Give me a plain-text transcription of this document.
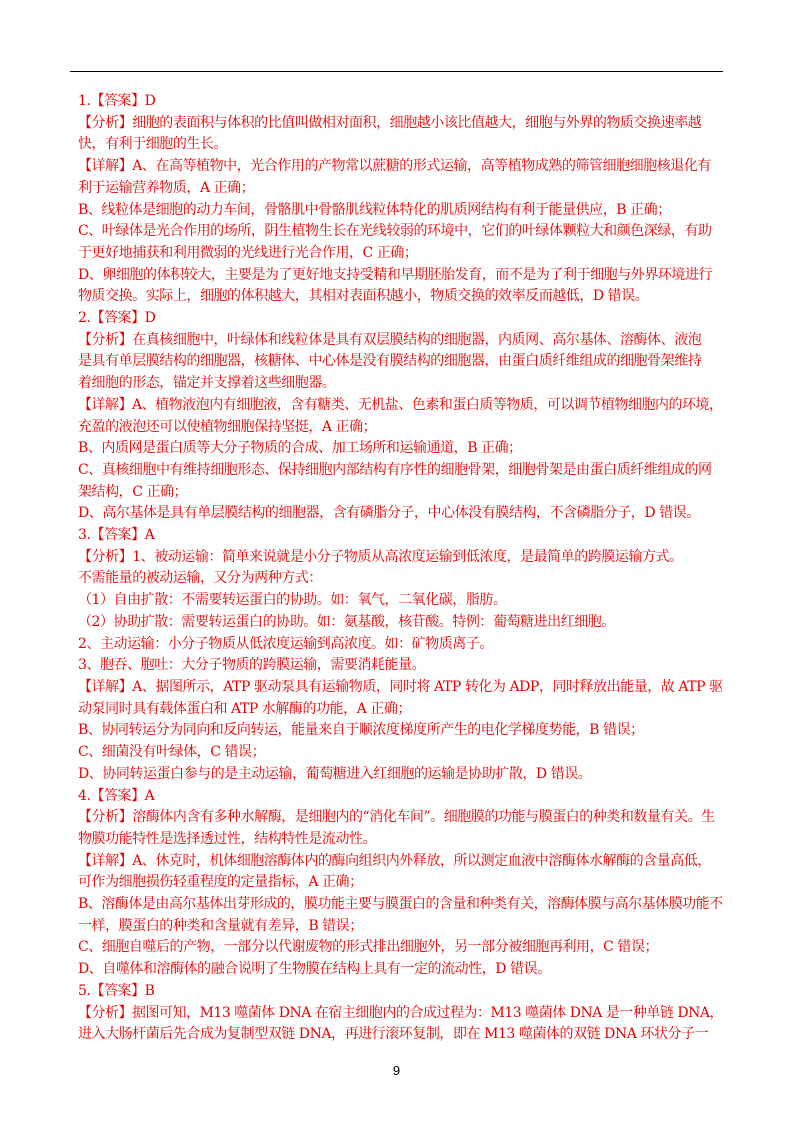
1.【答案】D
【分析】细胞的表面积与体积的比值叫做相对面积，细胞越小该比值越大，细胞与外界的物质交换速率越
快，有利于细胞的生长。
【详解】A、在高等植物中，光合作用的产物常以蔗糖的形式运输，高等植物成熟的筛管细胞细胞核退化有
利于运输营养物质，A 正确；
B、线粒体是细胞的动力车间，骨骼肌中骨骼肌线粒体特化的肌质网结构有利于能量供应，B 正确；
C、叶绿体是光合作用的场所，阴生植物生长在光线较弱的环境中，它们的叶绿体颗粒大和颜色深绿，有助
于更好地捕获和利用微弱的光线进行光合作用，C 正确；
D、卵细胞的体积较大，主要是为了更好地支持受精和早期胚胎发育，而不是为了利于细胞与外界环境进行
物质交换。实际上，细胞的体积越大，其相对表面积越小，物质交换的效率反而越低，D 错误。
2.【答案】D
【分析】在真核细胞中，叶绿体和线粒体是具有双层膜结构的细胞器，内质网、高尔基体、溶酶体、液泡
是具有单层膜结构的细胞器，核糖体、中心体是没有膜结构的细胞器，由蛋白质纤维组成的细胞骨架维持
着细胞的形态，锚定并支撑着这些细胞器。
【详解】A、植物液泡内有细胞液，含有糖类、无机盐、色素和蛋白质等物质，可以调节植物细胞内的环境，
充盈的液泡还可以使植物细胞保持坚挺，A 正确；
B、内质网是蛋白质等大分子物质的合成、加工场所和运输通道，B 正确；
C、真核细胞中有维持细胞形态、保持细胞内部结构有序性的细胞骨架，细胞骨架是由蛋白质纤维组成的网
架结构，C 正确；
D、高尔基体是具有单层膜结构的细胞器，含有磷脂分子，中心体没有膜结构，不含磷脂分子，D 错误。
3.【答案】A
【分析】1、被动运输：简单来说就是小分子物质从高浓度运输到低浓度，是最简单的跨膜运输方式。
不需能量的被动运输，又分为两种方式：
（1）自由扩散：不需要转运蛋白的协助。如：氧气，二氧化碳，脂肪。
（2）协助扩散：需要转运蛋白的协助。如：氨基酸，核苷酸。特例：葡萄糖进出红细胞。
2、主动运输：小分子物质从低浓度运输到高浓度。如：矿物质离子。
3、胞吞、胞吐：大分子物质的跨膜运输，需要消耗能量。
【详解】A、据图所示，ATP 驱动泵具有运输物质，同时将 ATP 转化为 ADP，同时释放出能量，故 ATP 驱
动泵同时具有载体蛋白和 ATP 水解酶的功能，A 正确；
B、协同转运分为同向和反向转运，能量来自于顺浓度梯度所产生的电化学梯度势能，B 错误；
C、细菌没有叶绿体，C 错误；
D、协同转运蛋白参与的是主动运输，葡萄糖进入红细胞的运输是协助扩散，D 错误。
4.【答案】A
【分析】溶酶体内含有多种水解酶，是细胞内的“消化车间”。细胞膜的功能与膜蛋白的种类和数量有关。生
物膜功能特性是选择透过性，结构特性是流动性。
【详解】A、休克时，机体细胞溶酶体内的酶向组织内外释放，所以测定血液中溶酶体水解酶的含量高低，
可作为细胞损伤轻重程度的定量指标，A 正确；
B、溶酶体是由高尔基体出芽形成的，膜功能主要与膜蛋白的含量和种类有关，溶酶体膜与高尔基体膜功能不
一样，膜蛋白的种类和含量就有差异，B 错误；
C、细胞自噬后的产物，一部分以代谢废物的形式排出细胞外，另一部分被细胞再利用，C 错误；
D、自噬体和溶酶体的融合说明了生物膜在结构上具有一定的流动性，D 错误。
5.【答案】B
【分析】据图可知，M13 噬菌体 DNA 在宿主细胞内的合成过程为：M13 噬菌体 DNA 是一种单链 DNA，
进入大肠杆菌后先合成为复制型双链 DNA，再进行滚环复制，即在 M13 噬菌体的双链 DNA 环状分子一
9
